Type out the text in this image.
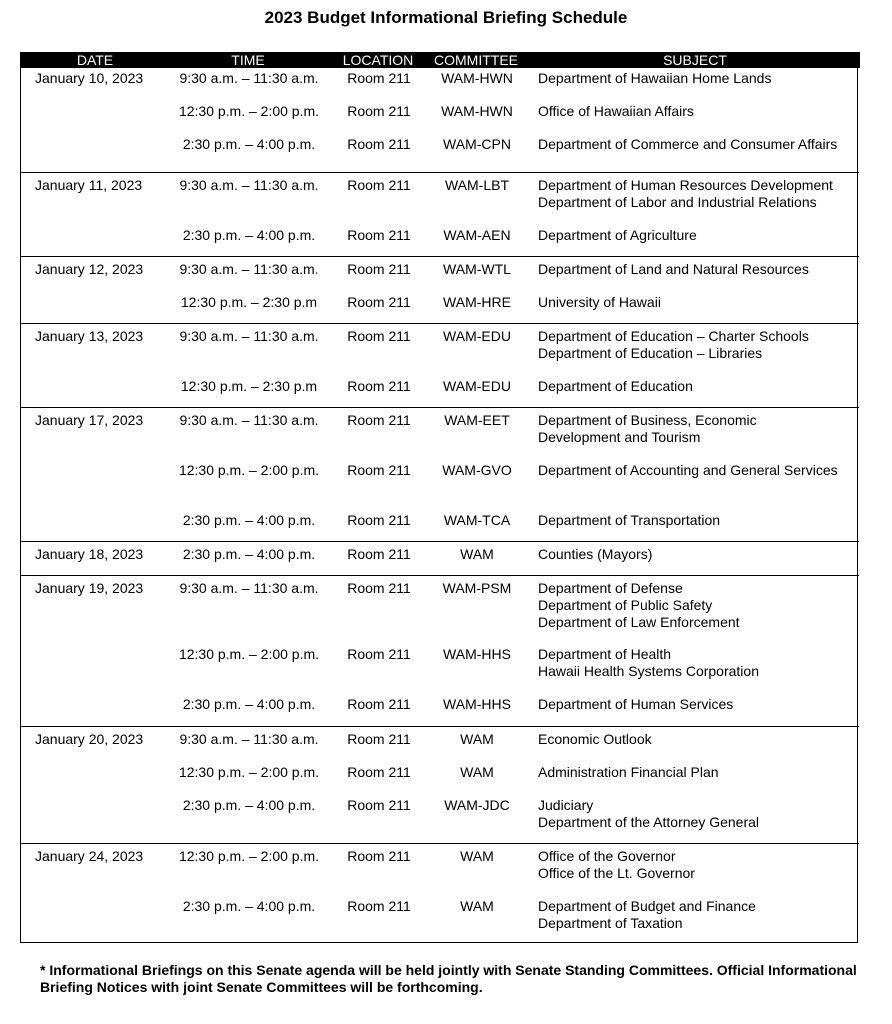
2023 Budget Informational Briefing Schedule
DATE	TIME	LOCATION	COMMITTEE	SUBJECT
January 10, 2023	9:30 a.m. – 11:30 a.m.	Room 211	WAM-HWN	Department of Hawaiian Home Lands
12:30 p.m. – 2:00 p.m.	Room 211	WAM-HWN	Office of Hawaiian Affairs
2:30 p.m. – 4:00 p.m.	Room 211	WAM-CPN	Department of Commerce and Consumer Affairs
January 11, 2023	9:30 a.m. – 11:30 a.m.	Room 211	WAM-LBT	Department of Human Resources Development
Department of Labor and Industrial Relations
2:30 p.m. – 4:00 p.m.	Room 211	WAM-AEN	Department of Agriculture
January 12, 2023	9:30 a.m. – 11:30 a.m.	Room 211	WAM-WTL	Department of Land and Natural Resources
12:30 p.m. – 2:30 p.m	Room 211	WAM-HRE	University of Hawaii
January 13, 2023	9:30 a.m. – 11:30 a.m.	Room 211	WAM-EDU	Department of Education – Charter Schools
Department of Education – Libraries
12:30 p.m. – 2:30 p.m	Room 211	WAM-EDU	Department of Education
January 17, 2023	9:30 a.m. – 11:30 a.m.	Room 211	WAM-EET	Department of Business, Economic
Development and Tourism
12:30 p.m. – 2:00 p.m.	Room 211	WAM-GVO	Department of Accounting and General Services
2:30 p.m. – 4:00 p.m.	Room 211	WAM-TCA	Department of Transportation
January 18, 2023	2:30 p.m. – 4:00 p.m.	Room 211	WAM	Counties (Mayors)
January 19, 2023	9:30 a.m. – 11:30 a.m.	Room 211	WAM-PSM	Department of Defense
Department of Public Safety
Department of Law Enforcement
12:30 p.m. – 2:00 p.m.	Room 211	WAM-HHS	Department of Health
Hawaii Health Systems Corporation
2:30 p.m. – 4:00 p.m.	Room 211	WAM-HHS	Department of Human Services
January 20, 2023	9:30 a.m. – 11:30 a.m.	Room 211	WAM	Economic Outlook
12:30 p.m. – 2:00 p.m.	Room 211	WAM	Administration Financial Plan
2:30 p.m. – 4:00 p.m.	Room 211	WAM-JDC	Judiciary
Department of the Attorney General
January 24, 2023	12:30 p.m. – 2:00 p.m.	Room 211	WAM	Office of the Governor
Office of the Lt. Governor
2:30 p.m. – 4:00 p.m.	Room 211	WAM	Department of Budget and Finance
Department of Taxation
* Informational Briefings on this Senate agenda will be held jointly with Senate Standing Committees. Official Informational Briefing Notices with joint Senate Committees will be forthcoming.
